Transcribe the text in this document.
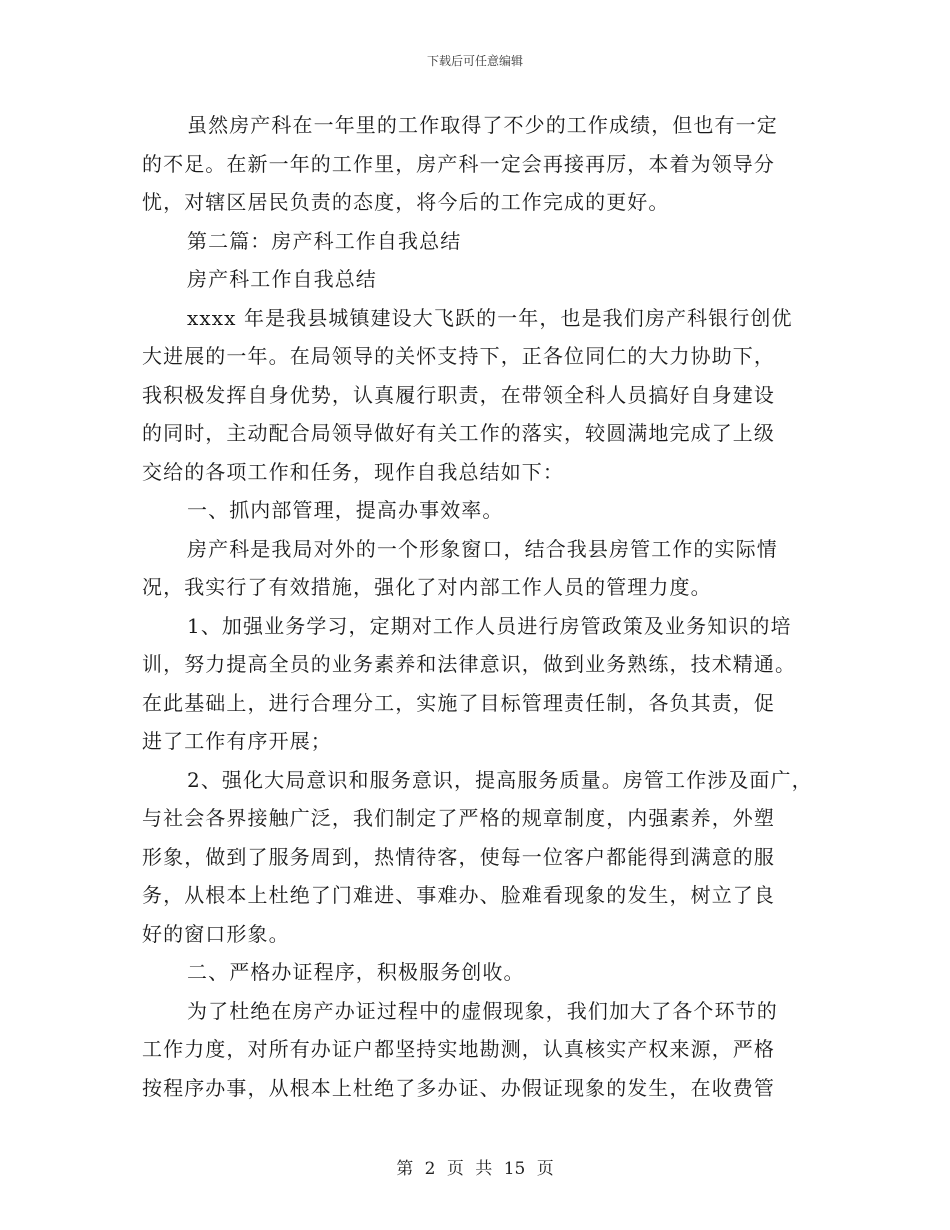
下载后可任意编辑
虽然房产科在一年里的工作取得了不少的工作成绩，但也有一定
的不足。在新一年的工作里，房产科一定会再接再厉，本着为领导分
忧，对辖区居民负责的态度，将今后的工作完成的更好。
第二篇：房产科工作自我总结
房产科工作自我总结
xxxx 年是我县城镇建设大飞跃的一年，也是我们房产科银行创优
大进展的一年。在局领导的关怀支持下，正各位同仁的大力协助下，
我积极发挥自身优势，认真履行职责，在带领全科人员搞好自身建设
的同时，主动配合局领导做好有关工作的落实，较圆满地完成了上级
交给的各项工作和任务，现作自我总结如下：
一、抓内部管理，提高办事效率。
房产科是我局对外的一个形象窗口，结合我县房管工作的实际情
况，我实行了有效措施，强化了对内部工作人员的管理力度。
1、加强业务学习，定期对工作人员进行房管政策及业务知识的培
训，努力提高全员的业务素养和法律意识，做到业务熟练，技术精通。
在此基础上，进行合理分工，实施了目标管理责任制，各负其责，促
进了工作有序开展；
2、强化大局意识和服务意识，提高服务质量。房管工作涉及面广，
与社会各界接触广泛，我们制定了严格的规章制度，内强素养，外塑
形象，做到了服务周到，热情待客，使每一位客户都能得到满意的服
务，从根本上杜绝了门难进、事难办、脸难看现象的发生，树立了良
好的窗口形象。
二、严格办证程序，积极服务创收。
为了杜绝在房产办证过程中的虚假现象，我们加大了各个环节的
工作力度，对所有办证户都坚持实地勘测，认真核实产权来源，严格
按程序办事，从根本上杜绝了多办证、办假证现象的发生，在收费管
第 2 页 共 15 页
